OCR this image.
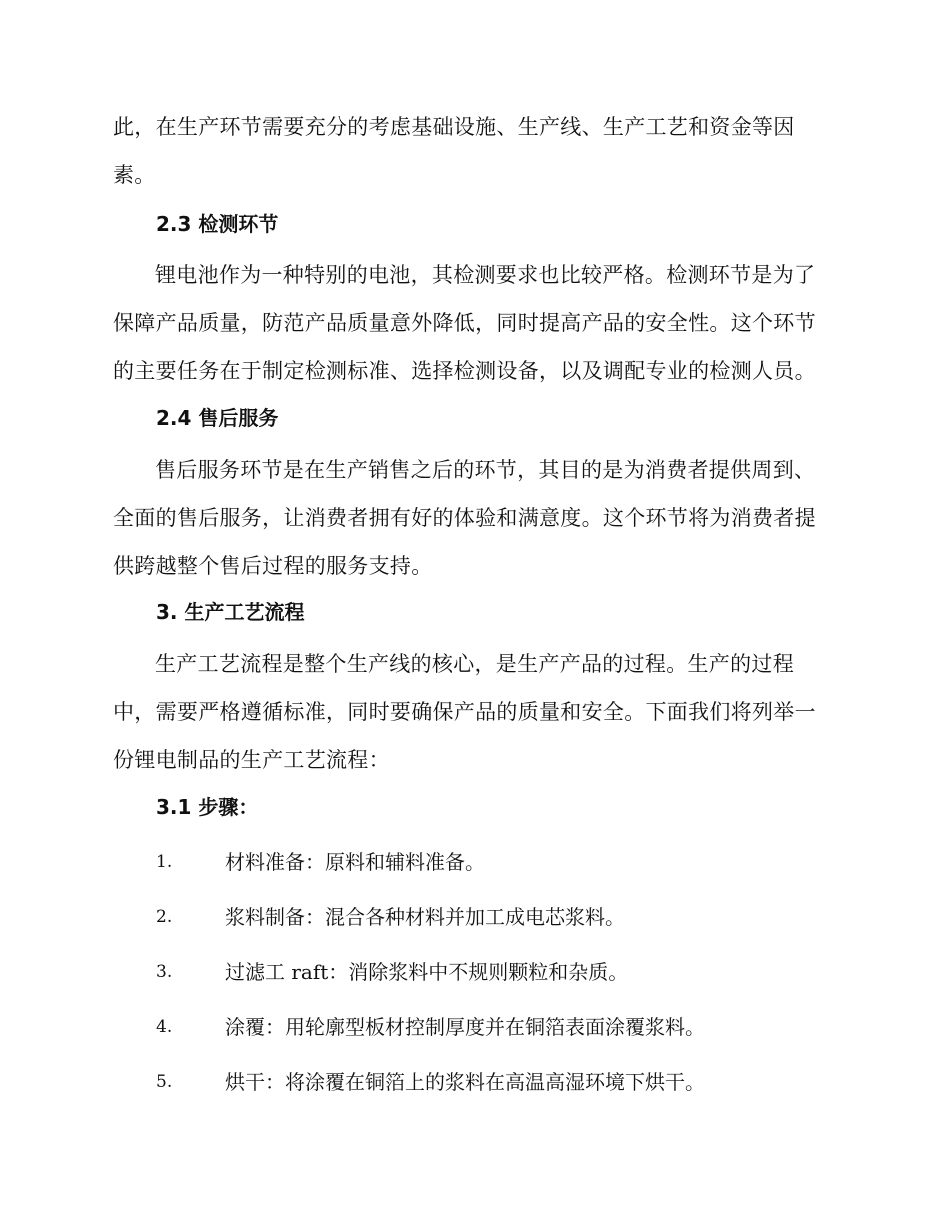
此，在生产环节需要充分的考虑基础设施、生产线、生产工艺和资金等因素。

2.3 检测环节

锂电池作为一种特别的电池，其检测要求也比较严格。检测环节是为了保障产品质量，防范产品质量意外降低，同时提高产品的安全性。这个环节的主要任务在于制定检测标准、选择检测设备，以及调配专业的检测人员。

2.4 售后服务

售后服务环节是在生产销售之后的环节，其目的是为消费者提供周到、全面的售后服务，让消费者拥有好的体验和满意度。这个环节将为消费者提供跨越整个售后过程的服务支持。

3. 生产工艺流程

生产工艺流程是整个生产线的核心，是生产产品的过程。生产的过程中，需要严格遵循标准，同时要确保产品的质量和安全。下面我们将列举一份锂电制品的生产工艺流程：

3.1 步骤：
1.	材料准备：原料和辅料准备。
2.	浆料制备：混合各种材料并加工成电芯浆料。
3.	过滤工 raft：消除浆料中不规则颗粒和杂质。
4.	涂覆：用轮廓型板材控制厚度并在铜箔表面涂覆浆料。
5.	烘干：将涂覆在铜箔上的浆料在高温高湿环境下烘干。
